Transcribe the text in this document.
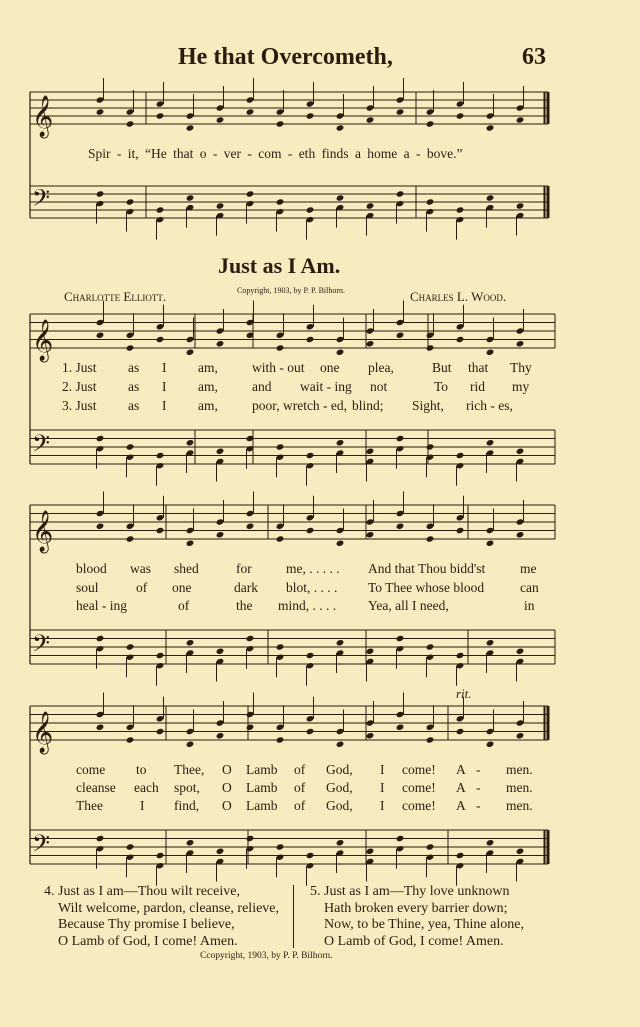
He that Overcometh,	63
𝄞
𝄢
𝄞
𝄢
𝄞
𝄢
𝄞
𝄢
Spir - it, “He that o - ver - com - eth finds a home a - bove.”
Just as I Am.
Charlotte Elliott.	Copyright, 1903, by P. P. Bilhorn.	Charles L. Wood.
1. Just as I am,	with - out one plea,	But that Thy
2. Just as I am,	and wait - ing not	To rid my
3. Just as I am,	poor, wretch - ed, blind; Sight, rich - es,
blood was shed	for	me, . . . . . And that Thou bidd'st	me
soul	of one	dark blot, . . . . To Thee whose blood	can
heal - ing	of	the mind, . . . . Yea, all I need,	in
rit.
come to Thee, O Lamb of God, I come! A - men.
cleanse each spot, O Lamb of God, I come! A - men.
Thee	I find, O Lamb of God, I come! A - men.
4. Just as I am—Thou wilt receive,
Wilt welcome, pardon, cleanse, relieve,
Because Thy promise I believe,
O Lamb of God, I come! Amen.
5. Just as I am—Thy love unknown
Hath broken every barrier down;
Now, to be Thine, yea, Thine alone,
O Lamb of God, I come! Amen.
Ccopyright, 1903, by P. P. Bilhorn.
